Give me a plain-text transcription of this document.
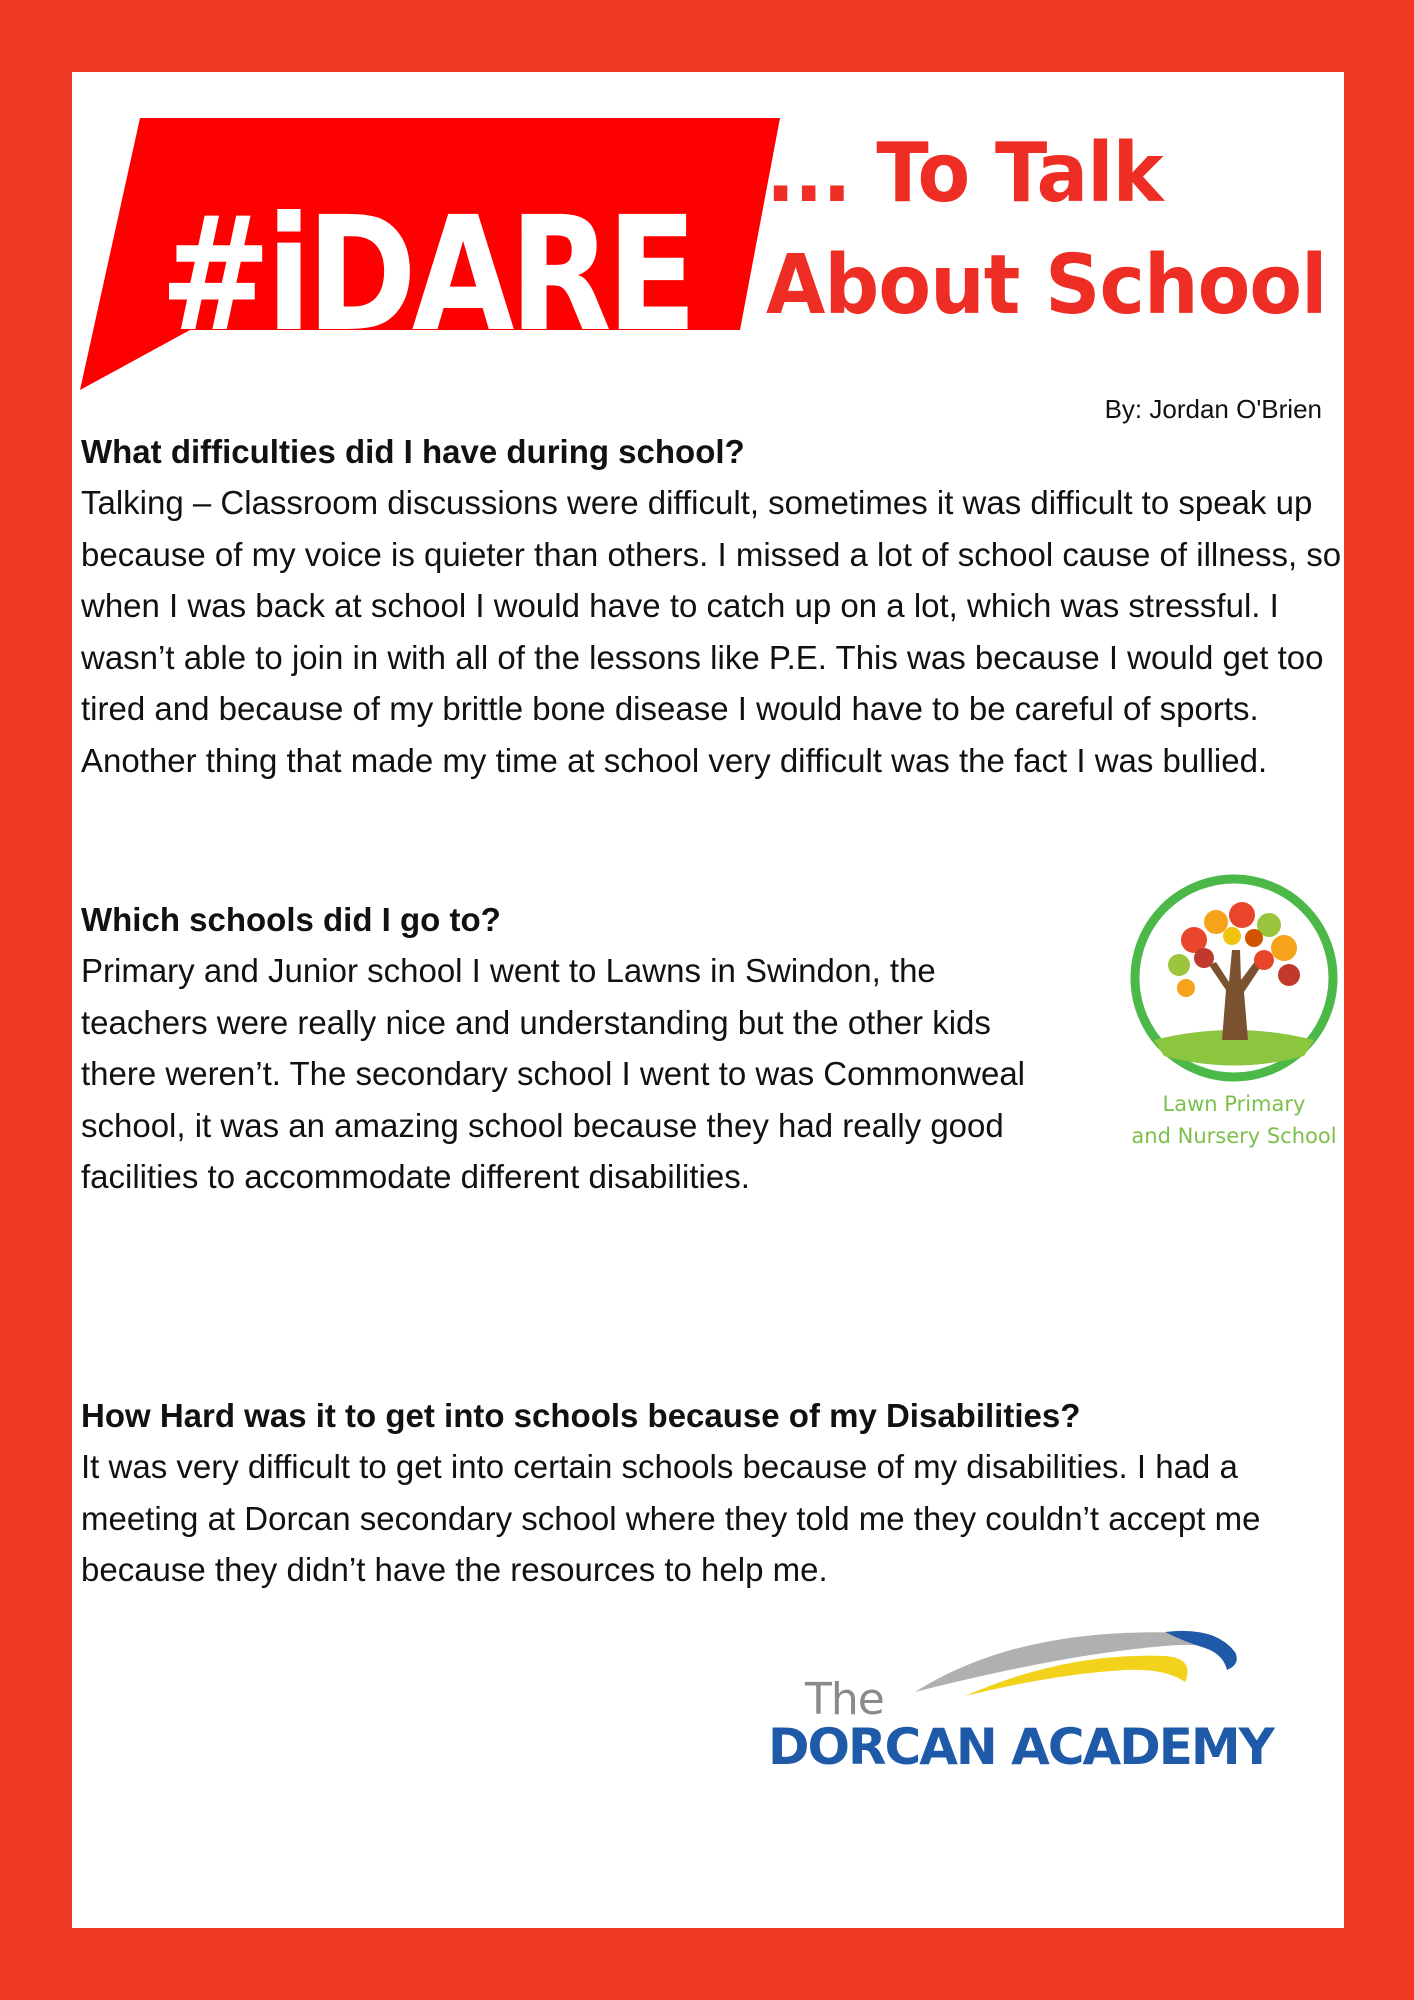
#iDARE
... To Talk
About School
By: Jordan O'Brien
What difficulties did I have during school?

Talking – Classroom discussions were difficult, sometimes it was difficult to speak up because of my voice is quieter than others. I missed a lot of school cause of illness, so when I was back at school I would have to catch up on a lot, which was stressful. I wasn’t able to join in with all of the lessons like P.E. This was because I would get too tired and because of my brittle bone disease I would have to be careful of sports. Another thing that made my time at school very difficult was the fact I was bullied.

Which schools did I go to?

Primary and Junior school I went to Lawns in Swindon, the teachers were really nice and understanding but the other kids there weren’t. The secondary school I went to was Commonweal school, it was an amazing school because they had really good facilities to accommodate different disabilities.

Lawn Primary
and Nursery School
How Hard was it to get into schools because of my Disabilities?

It was very difficult to get into certain schools because of my disabilities. I had a meeting at Dorcan secondary school where they told me they couldn’t accept me because they didn’t have the resources to help me.

The
DORCAN ACADEMY
